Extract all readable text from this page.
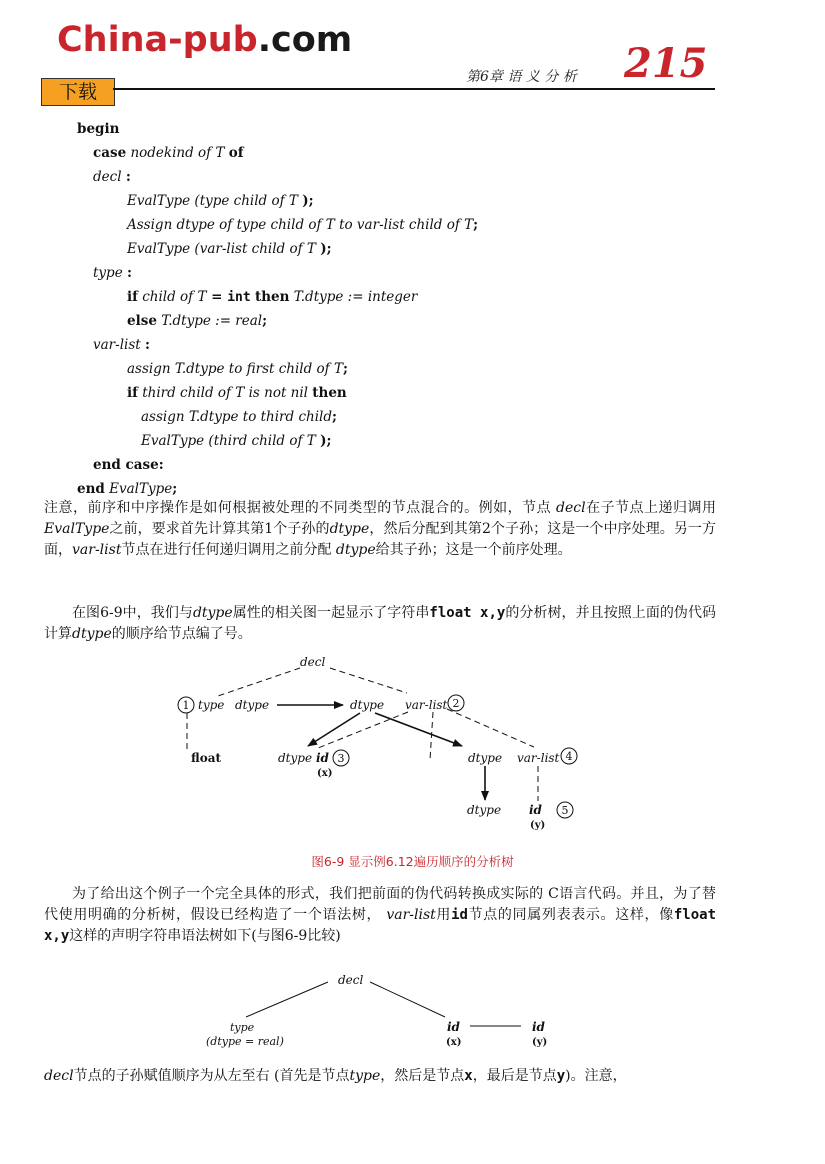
China-pub.com
下载
第6章 语 义 分 析 215
begin
case nodekind of T of
decl :
EvalType (type child of T );
Assign dtype of type child of T to var-list child of T;
EvalType (var-list child of T );
type :
if child of T = int then T.dtype := integer
else T.dtype := real;
var-list :
assign T.dtype to first child of T;
if third child of T is not nil then
assign T.dtype to third child;
EvalType (third child of T );
end case:
end EvalType;
注意，前序和中序操作是如何根据被处理的不同类型的节点混合的。例如，节点 decl在子节点上递归调用EvalType之前，要求首先计算其第1个子孙的dtype，然后分配到其第2个子孙；这是一个中序处理。另一方面，var-list节点在进行任何递归调用之前分配 dtype给其子孙；这是一个前序处理。
在图6-9中，我们与dtype属性的相关图一起显示了字符串float x,y的分析树，并且按照上面的伪代码计算dtype的顺序给节点编了号。
decl
type dtype	dtype var-list
dtype	dtype var-list
dtype
float	id
(x)
id
(y)
1	2
3	4
5
图6-9 显示例6.12遍历顺序的分析树
为了给出这个例子一个完全具体的形式，我们把前面的伪代码转换成实际的 C语言代码。并且，为了替代使用明确的分析树，假设已经构造了一个语法树， var-list用id节点的同属列表表示。这样，像float x,y这样的声明字符串语法树如下(与图6-9比较)
decl
type
(dtype = real)
id
(x)
id
(y)
decl节点的子孙赋值顺序为从左至右 (首先是节点type，然后是节点x，最后是节点y)。注意，
